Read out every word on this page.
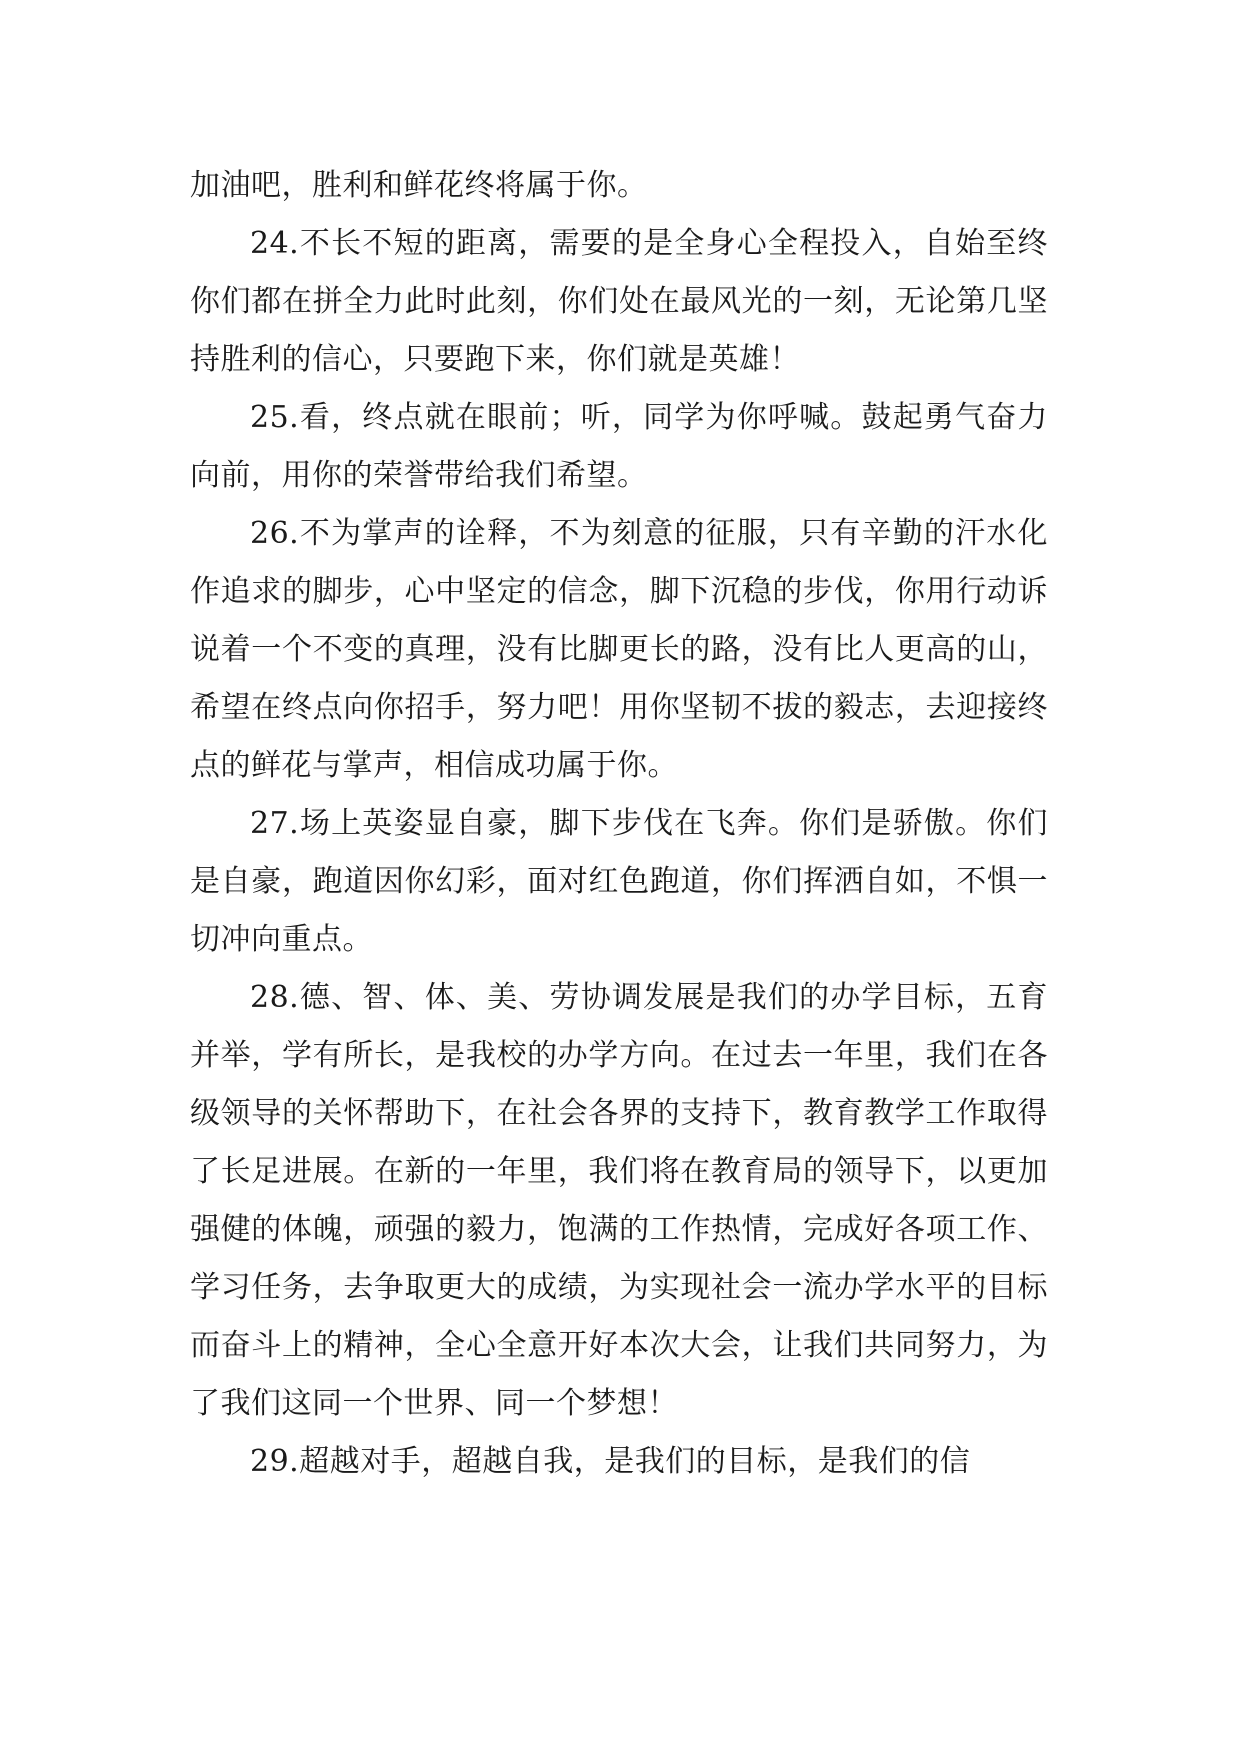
加油吧，胜利和鲜花终将属于你。

24.不长不短的距离，需要的是全身心全程投入，自始至终你们都在拼全力此时此刻，你们处在最风光的一刻，无论第几坚持胜利的信心，只要跑下来，你们就是英雄！

25.看，终点就在眼前；听，同学为你呼喊。鼓起勇气奋力向前，用你的荣誉带给我们希望。

26.不为掌声的诠释，不为刻意的征服，只有辛勤的汗水化作追求的脚步，心中坚定的信念，脚下沉稳的步伐，你用行动诉说着一个不变的真理，没有比脚更长的路，没有比人更高的山，希望在终点向你招手，努力吧！用你坚韧不拔的毅志，去迎接终点的鲜花与掌声，相信成功属于你。

27.场上英姿显自豪，脚下步伐在飞奔。你们是骄傲。你们是自豪，跑道因你幻彩，面对红色跑道，你们挥洒自如，不惧一切冲向重点。

28.德、智、体、美、劳协调发展是我们的办学目标，五育并举，学有所长，是我校的办学方向。在过去一年里，我们在各级领导的关怀帮助下，在社会各界的支持下，教育教学工作取得了长足进展。在新的一年里，我们将在教育局的领导下，以更加强健的体魄，顽强的毅力，饱满的工作热情，完成好各项工作、学习任务，去争取更大的成绩，为实现社会一流办学水平的目标而奋斗上的精神，全心全意开好本次大会，让我们共同努力，为了我们这同一个世界、同一个梦想！

29.超越对手，超越自我，是我们的目标，是我们的信
